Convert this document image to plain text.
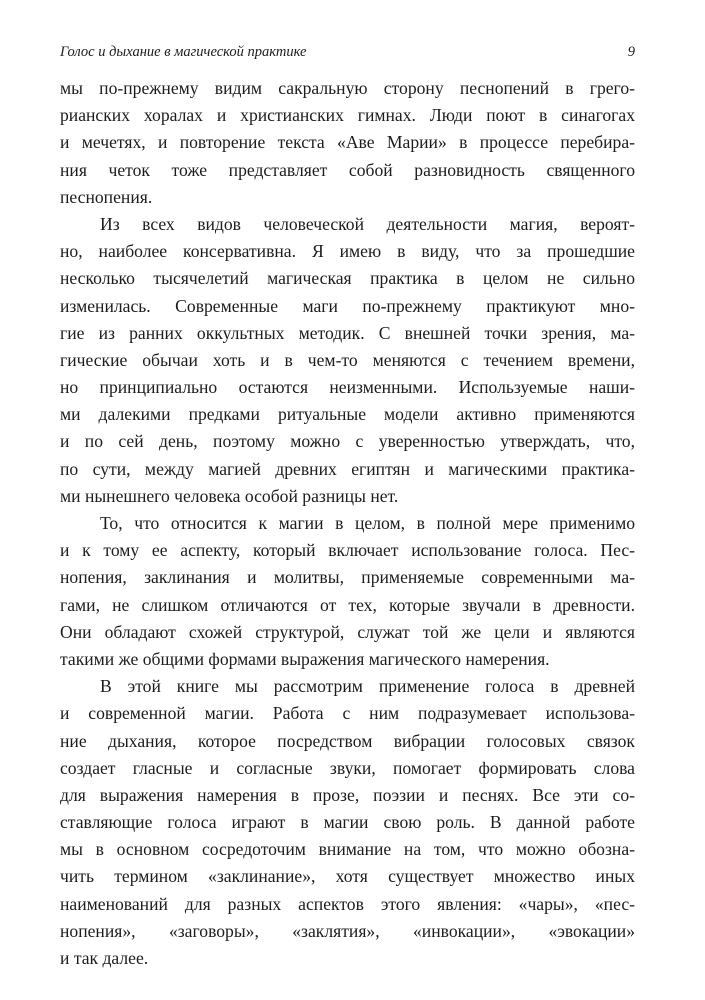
Голос и дыхание в магической практике	9
мы по-прежнему видим сакральную сторону песнопений в грего-
рианских хоралах и христианских гимнах. Люди поют в синагогах
и мечетях, и повторение текста «Аве Марии» в процессе перебира-
ния четок тоже представляет собой разновидность священного
песнопения.
Из всех видов человеческой деятельности магия, вероят-
но, наиболее консервативна. Я имею в виду, что за прошедшие
несколько тысячелетий магическая практика в целом не сильно
изменилась. Современные маги по-прежнему практикуют мно-
гие из ранних оккультных методик. С внешней точки зрения, ма-
гические обычаи хоть и в чем-то меняются с течением времени,
но принципиально остаются неизменными. Используемые наши-
ми далекими предками ритуальные модели активно применяются
и по сей день, поэтому можно с уверенностью утверждать, что,
по сути, между магией древних египтян и магическими практика-
ми нынешнего человека особой разницы нет.
То, что относится к магии в целом, в полной мере применимо
и к тому ее аспекту, который включает использование голоса. Пес-
нопения, заклинания и молитвы, применяемые современными ма-
гами, не слишком отличаются от тех, которые звучали в древности.
Они обладают схожей структурой, служат той же цели и являются
такими же общими формами выражения магического намерения.
В этой книге мы рассмотрим применение голоса в древней
и современной магии. Работа с ним подразумевает использова-
ние дыхания, которое посредством вибрации голосовых связок
создает гласные и согласные звуки, помогает формировать слова
для выражения намерения в прозе, поэзии и песнях. Все эти со-
ставляющие голоса играют в магии свою роль. В данной работе
мы в основном сосредоточим внимание на том, что можно обозна-
чить термином «заклинание», хотя существует множество иных
наименований для разных аспектов этого явления: «чары», «пес-
нопения», «заговоры», «заклятия», «инвокации», «эвокации»
и так далее.
